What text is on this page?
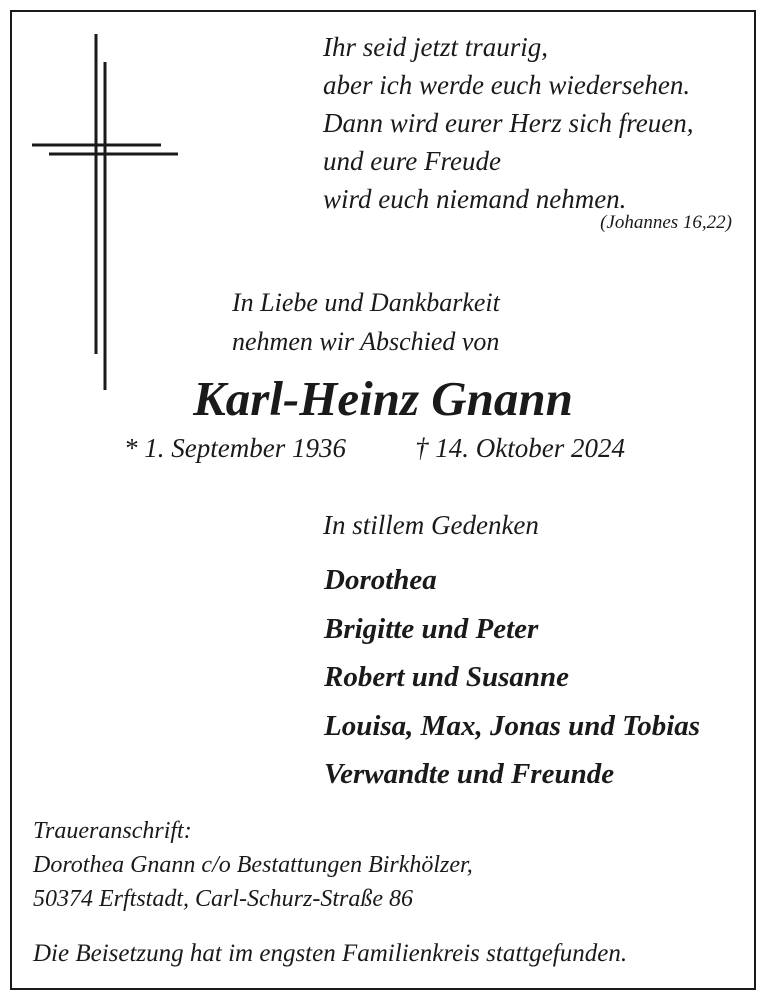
Ihr seid jetzt traurig,
aber ich werde euch wiedersehen.
Dann wird eurer Herz sich freuen,
und eure Freude
wird euch niemand nehmen.
(Johannes 16,22)
In Liebe und Dankbarkeit
nehmen wir Abschied von
Karl-Heinz Gnann
* 1. September 1936	† 14. Oktober 2024
In stillem Gedenken
Dorothea
Brigitte und Peter
Robert und Susanne
Louisa, Max, Jonas und Tobias
Verwandte und Freunde
Traueranschrift:
Dorothea Gnann c/o Bestattungen Birkhölzer,
50374 Erftstadt, Carl-Schurz-Straße 86
Die Beisetzung hat im engsten Familienkreis stattgefunden.
